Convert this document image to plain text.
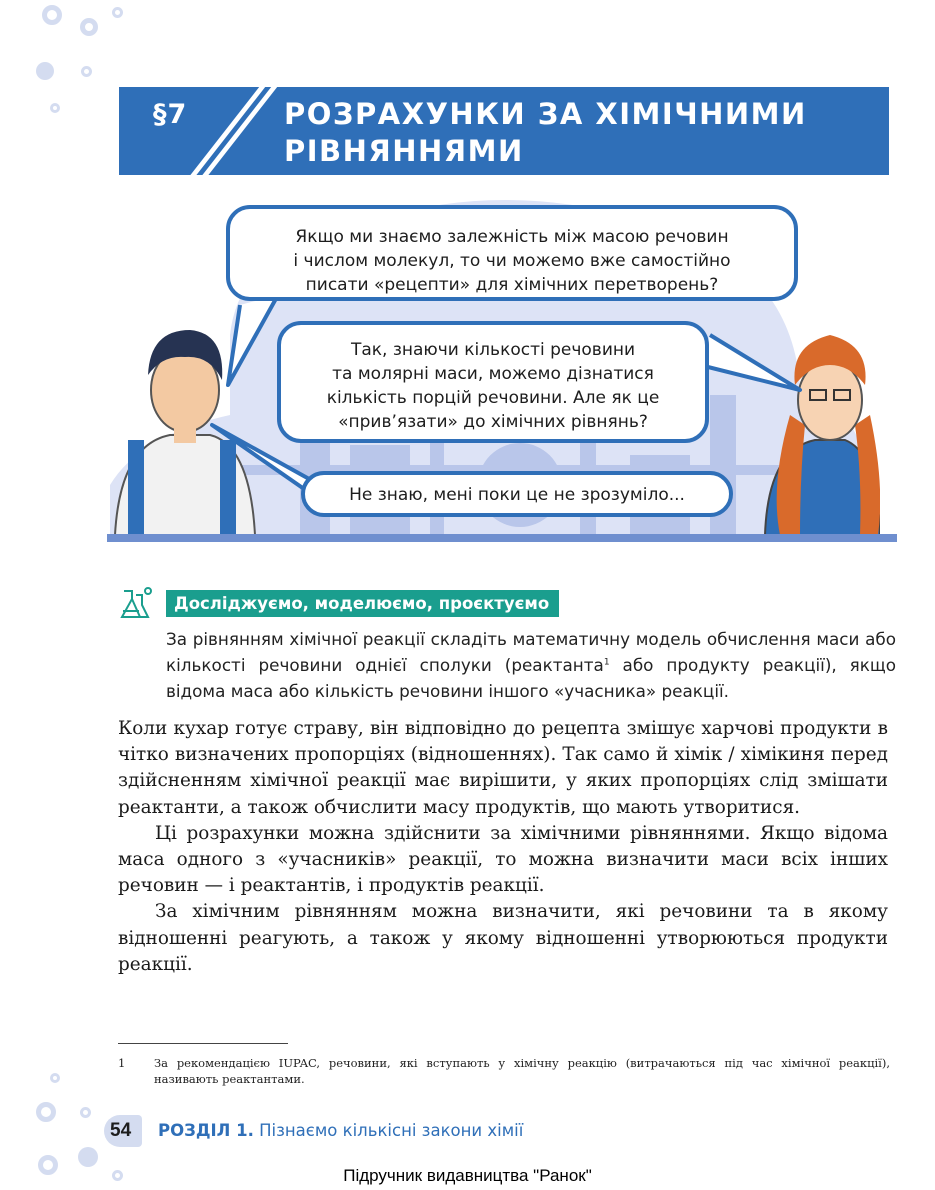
§7	РОЗРАХУНКИ ЗА ХІМІЧНИМИ
РІВНЯННЯМИ

Якщо ми знаємо залежність між масою речовин

і числом молекул, то чи можемо вже самостійно

писати «рецепти» для хімічних перетворень?

Так, знаючи кількості речовини

та молярні маси, можемо дізнатися

кількість порцій речовини. Але як це

«прив’язати» до хімічних рівнянь?

Не знаю, мені поки це не зрозуміло...

Досліджуємо, моделюємо, проєктуємо

За рівнянням хімічної реакції складіть математичну модель обчислення маси або кількості речовини однієї сполуки (реактанта$^1$ або продукту реакції), якщо відома маса або кількість речовини іншого «учасника» реакції.

Коли кухар готує страву, він відповідно до рецепта змішує харчові продукти в чітко визначених пропорціях (відношеннях). Так само й хімік / хімікиня перед здійсненням хімічної реакції має вирішити, у яких пропорціях слід змішати реактанти, а також обчислити масу продуктів, що мають утворитися.

Ці розрахунки можна здійснити за хімічними рівняннями. Якщо відома маса одного з «учасників» реакції, то можна визначити маси всіх інших речовин — і реактантів, і продуктів реакції.

За хімічним рівнянням можна визначити, які речовини та в якому відношенні реагують, а також у якому відношенні утворюються продукти реакції.

1 За рекомендацією IUPAC, речовини, які вступають у хімічну реакцію (витрачаються під час хімічної реакції), називають реактантами.
54 РОЗДІЛ 1. Пізнаємо кількісні закони хімії
Підручник видавництва "Ранок"
